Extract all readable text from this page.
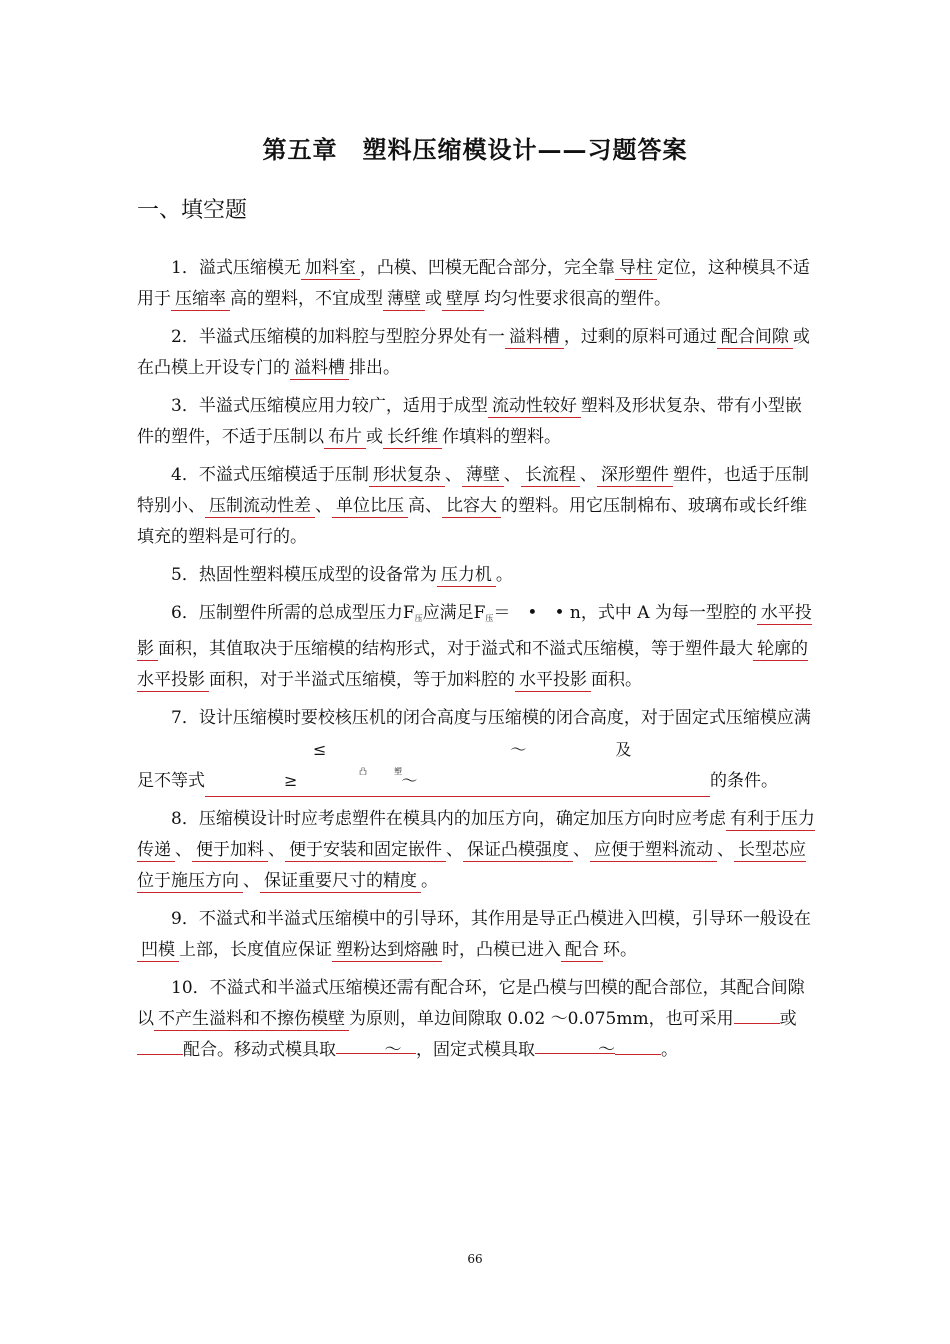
第五章　塑料压缩模设计——习题答案
一、填空题

1．溢式压缩模无 加料室 ，凸模、凹模无配合部分，完全靠 导柱 定位，这种模具不适用于 压缩率 高的塑料，不宜成型 薄壁 或 壁厚 均匀性要求很高的塑件。

2．半溢式压缩模的加料腔与型腔分界处有一 溢料槽 ，过剩的原料可通过 配合间隙 或在凸模上开设专门的 溢料槽 排出。

3．半溢式压缩模应用力较广，适用于成型 流动性较好 塑料及形状复杂、带有小型嵌件的塑件，不适于压制以 布片 或 长纤维 作填料的塑料。

4．不溢式压缩模适于压制 形状复杂 、 薄壁 、 长流程 、 深形塑件 塑件，也适于压制特别小、 压制流动性差 、 单位比压 高、 比容大 的塑料。用它压制棉布、玻璃布或长纤维填充的塑料是可行的。

5．热固性塑料模压成型的设备常为 压力机 。

6．压制塑件所需的总成型压力$F_压$应满足$F_压=$　•　• n，式中 A 为每一型腔的 水平投影 面积，其值取决于压缩模的结构形式，对于溢式和不溢式压缩模，等于塑件最大 轮廓的水平投影 面积，对于半溢式压缩模，等于加料腔的 水平投影 面积。

7．设计压缩模时要校核压机的闭合高度与压缩模的闭合高度，对于固定式压缩模应满足不等式≤	～	及≥	～
凸	塑	的条件。

8．压缩模设计时应考虑塑件在模具内的加压方向，确定加压方向时应考虑 有利于压力传递 、 便于加料 、 便于安装和固定嵌件 、 保证凸模强度 、 应便于塑料流动 、 长型芯应位于施压方向 、 保证重要尺寸的精度 。

9．不溢式和半溢式压缩模中的引导环，其作用是导正凸模进入凹模，引导环一般设在凹模 上部，长度值应保证 塑粉达到熔融 时，凸模已进入 配合 环。

10．不溢式和半溢式压缩模还需有配合环，它是凸模与凹模的配合部位，其配合间隙以 不产生溢料和不擦伤模壁 为原则，单边间隙取 0.02 ～0.075mm，也可采用	或配合。移动式模具取	～ ，固定式模具取	～	。

66
